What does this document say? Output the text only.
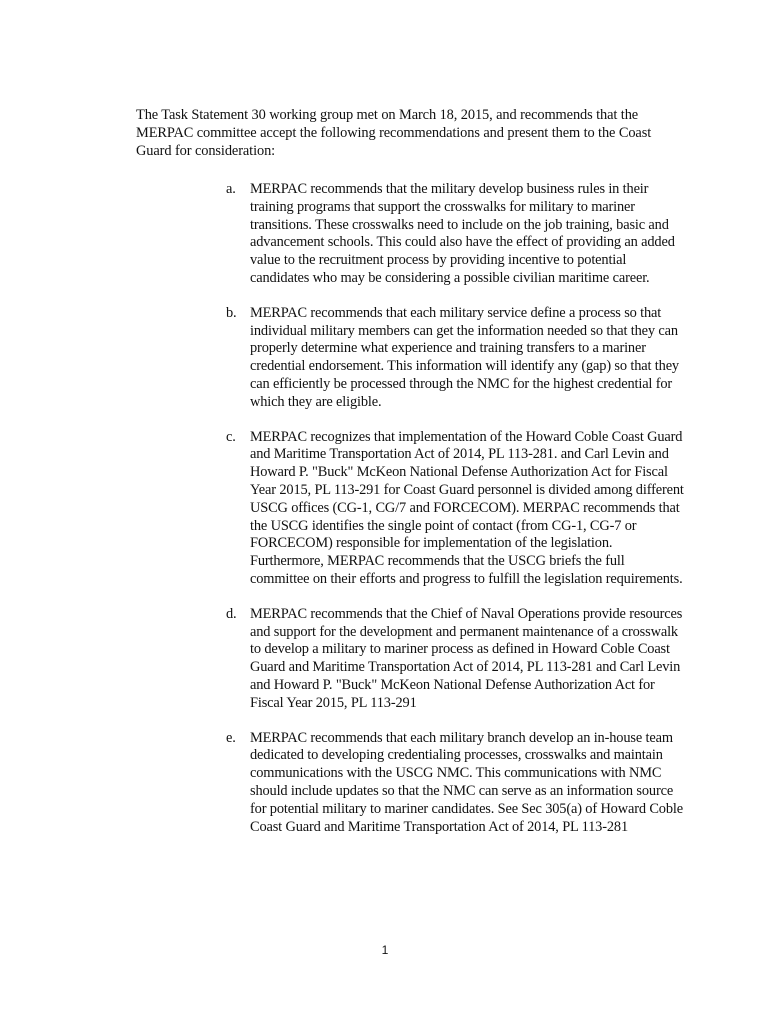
The Task Statement 30 working group met on March 18, 2015, and recommends that the MERPAC committee accept the following recommendations and present them to the Coast Guard for consideration:

a. MERPAC recommends that the military develop business rules in their training programs that support the crosswalks for military to mariner transitions. These crosswalks need to include on the job training, basic and advancement schools. This could also have the effect of providing an added value to the recruitment process by providing incentive to potential candidates who may be considering a possible civilian maritime career.
b. MERPAC recommends that each military service define a process so that individual military members can get the information needed so that they can properly determine what experience and training transfers to a mariner credential endorsement. This information will identify any (gap) so that they can efficiently be processed through the NMC for the highest credential for which they are eligible.
c. MERPAC recognizes that implementation of the Howard Coble Coast Guard and Maritime Transportation Act of 2014, PL 113-281. and Carl Levin and Howard P. "Buck" McKeon National Defense Authorization Act for Fiscal Year 2015, PL 113-291 for Coast Guard personnel is divided among different USCG offices (CG-1, CG/7 and FORCECOM). MERPAC recommends that the USCG identifies the single point of contact (from CG-1, CG-7 or FORCECOM) responsible for implementation of the legislation. Furthermore, MERPAC recommends that the USCG briefs the full committee on their efforts and progress to fulfill the legislation requirements.
d. MERPAC recommends that the Chief of Naval Operations provide resources and support for the development and permanent maintenance of a crosswalk to develop a military to mariner process as defined in Howard Coble Coast Guard and Maritime Transportation Act of 2014, PL 113-281 and Carl Levin and Howard P. "Buck" McKeon National Defense Authorization Act for Fiscal Year 2015, PL 113-291
e. MERPAC recommends that each military branch develop an in-house team dedicated to developing credentialing processes, crosswalks and maintain communications with the USCG NMC. This communications with NMC should include updates so that the NMC can serve as an information source for potential military to mariner candidates. See Sec 305(a) of Howard Coble Coast Guard and Maritime Transportation Act of 2014, PL 113-281
1
